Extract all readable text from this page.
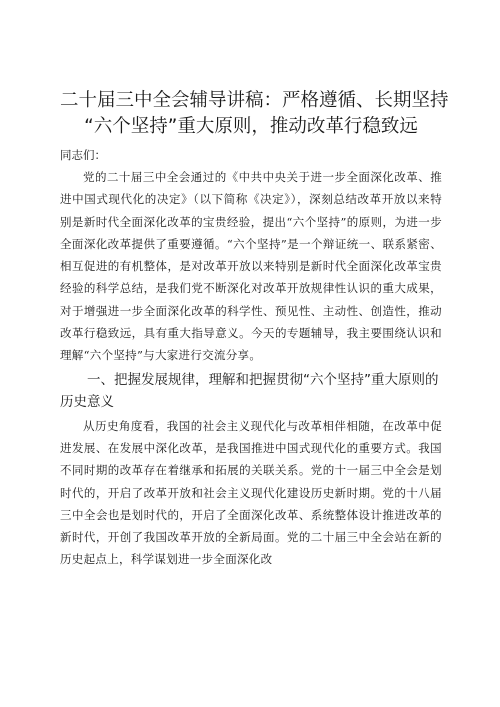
二十届三中全会辅导讲稿：严格遵循、长期坚持
“六个坚持”重大原则，推动改革行稳致远

同志们：

党的二十届三中全会通过的《中共中央关于进一步全面深化改革、推进中国式现代化的决定》（以下简称《决定》），深刻总结改革开放以来特别是新时代全面深化改革的宝贵经验，提出“六个坚持”的原则，为进一步全面深化改革提供了重要遵循。“六个坚持”是一个辩证统一、联系紧密、相互促进的有机整体，是对改革开放以来特别是新时代全面深化改革宝贵经验的科学总结，是我们党不断深化对改革开放规律性认识的重大成果，对于增强进一步全面深化改革的科学性、预见性、主动性、创造性，推动改革行稳致远，具有重大指导意义。今天的专题辅导，我主要围绕认识和理解“六个坚持”与大家进行交流分享。

一、把握发展规律，理解和把握贯彻“六个坚持”重大原则的历史意义

从历史角度看，我国的社会主义现代化与改革相伴相随，在改革中促进发展、在发展中深化改革，是我国推进中国式现代化的重要方式。我国不同时期的改革存在着继承和拓展的关联关系。党的十一届三中全会是划时代的，开启了改革开放和社会主义现代化建设历史新时期。党的十八届三中全会也是划时代的，开启了全面深化改革、系统整体设计推进改革的新时代，开创了我国改革开放的全新局面。党的二十届三中全会站在新的历史起点上，科学谋划进一步全面深化改
